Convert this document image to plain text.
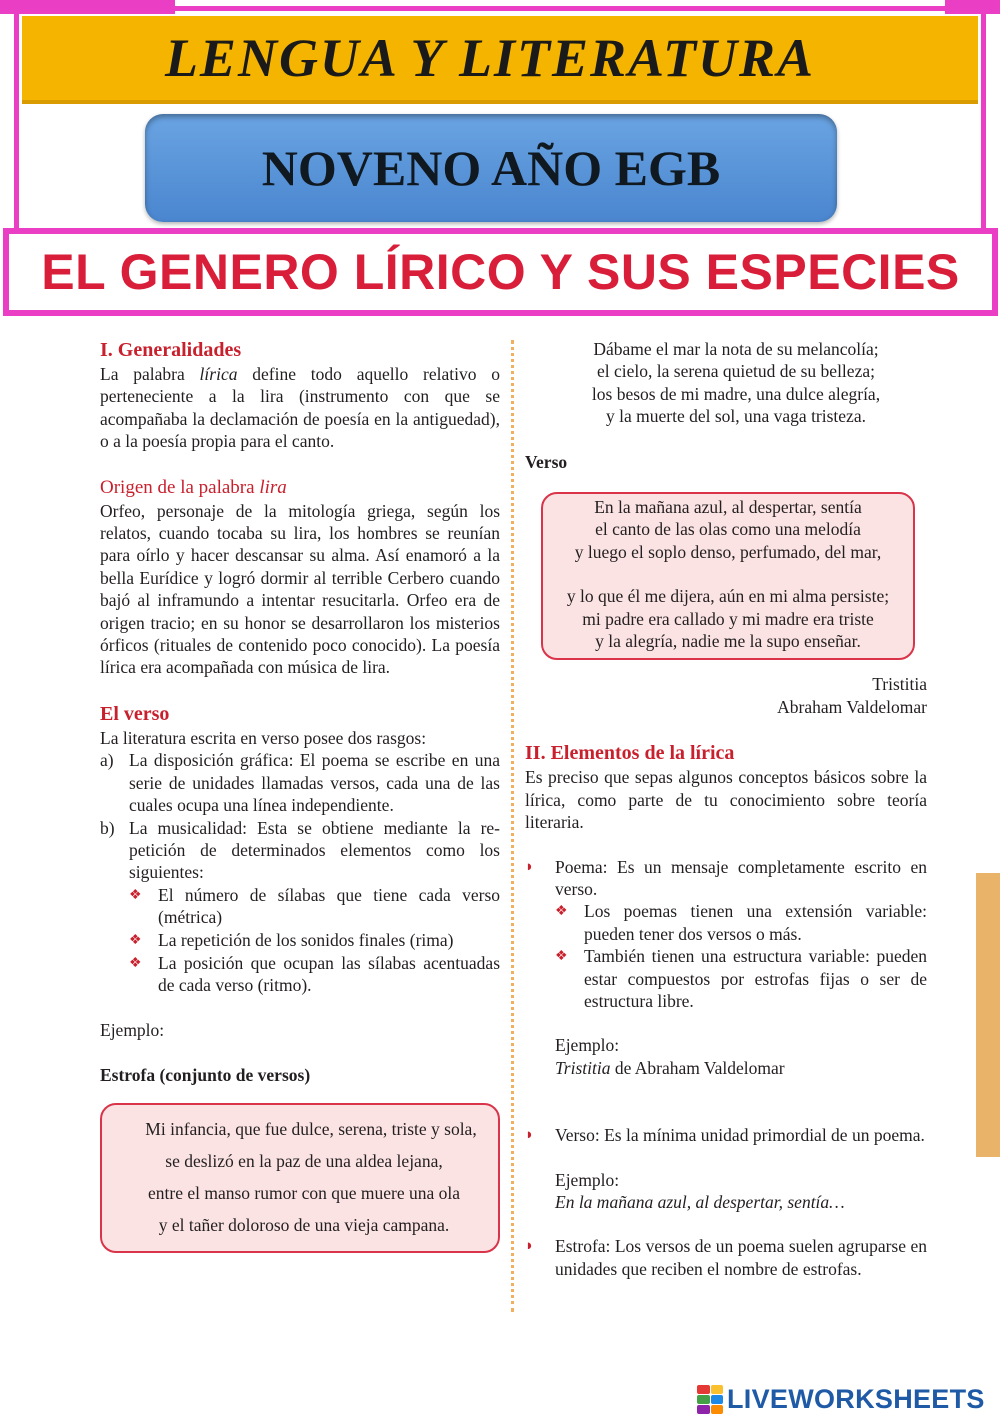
LENGUA Y LITERATURA
NOVENO AÑO EGB
EL GENERO LÍRICO Y SUS ESPECIES
I. Generalidades

La palabra lírica define todo aquello relativo o perteneciente a la lira (instrumento con que se acompañaba la declamación de poesía en la antiguedad), o a la poesía propia para el canto.

Origen de la palabra lira

Orfeo, personaje de la mitología griega, según los relatos, cuando tocaba su lira, los hombres se reunían para oírlo y hacer descansar su alma. Así enamoró a la bella Eurídice y logró dormir al terrible Cerbero cuando bajó al inframundo a intentar resucitarla. Orfeo era de origen tracio; en su honor se desarrollaron los misterios órficos (rituales de contenido poco conocido). La poesía lírica era acompañada con música de lira.

El verso

La literatura escrita en verso posee dos rasgos:

a) La disposición gráfica: El poema se escribe en una serie de unidades llamadas versos, cada una de las cuales ocupa una línea independiente.
b) La musicalidad: Esta se obtiene mediante la repetición de determinados elementos como los siguientes:
❖ El número de sílabas que tiene cada verso (métrica)
❖ La repetición de los sonidos finales (rima)
❖ La posición que ocupan las sílabas acentuadas de cada verso (ritmo).

Ejemplo:

Estrofa (conjunto de versos)

Mi infancia, que fue dulce, serena, triste y sola,
se deslizó en la paz de una aldea lejana,
entre el manso rumor con que muere una ola
y el tañer doloroso de una vieja campana.
Dábame el mar la nota de su melancolía;
el cielo, la serena quietud de su belleza;
los besos de mi madre, una dulce alegría,
y la muerte del sol, una vaga tristeza.

Verso

En la mañana azul, al despertar, sentía
el canto de las olas como una melodía
y luego el soplo denso, perfumado, del mar,
y lo que él me dijera, aún en mi alma persiste;
mi padre era callado y mi madre era triste
y la alegría, nadie me la supo enseñar.
Tristitia
Abraham Valdelomar
II. Elementos de la lírica

Es preciso que sepas algunos conceptos básicos sobre la lírica, como parte de tu conocimiento sobre teoría literaria.

◗	Poema: Es un mensaje completamente escrito en verso.
❖ Los poemas tienen una extensión variable: pueden tener dos versos o más.
❖ También tienen una estructura variable: pueden estar compuestos por estrofas fijas o ser de estructura libre.
Ejemplo:
Tristitia de Abraham Valdelomar
◗	Verso: Es la mínima unidad primordial de un poema.
Ejemplo:
En la mañana azul, al despertar, sentía…
◗	Estrofa: Los versos de un poema suelen agruparse en unidades que reciben el nombre de estrofas.
LIVEWORKSHEETS
